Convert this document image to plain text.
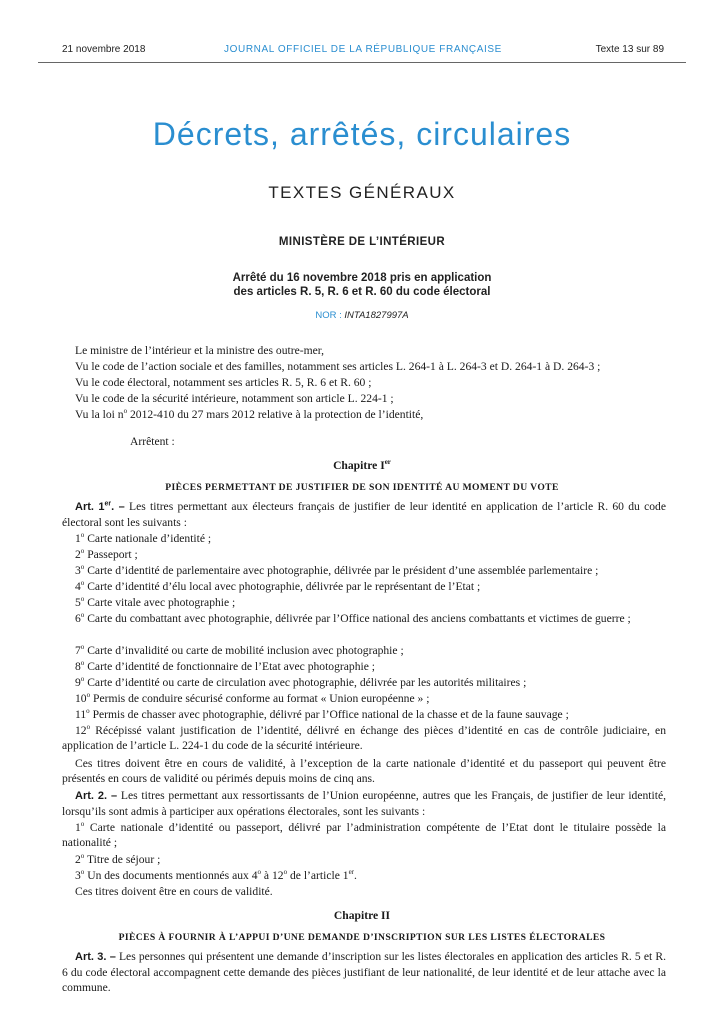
21 novembre 2018	JOURNAL OFFICIEL DE LA RÉPUBLIQUE FRANÇAISE	Texte 13 sur 89
Décrets, arrêtés, circulaires
TEXTES GÉNÉRAUX
MINISTÈRE DE L’INTÉRIEUR
Arrêté du 16 novembre 2018 pris en application
des articles R. 5, R. 6 et R. 60 du code électoral
NOR : INTA1827997A
Le ministre de l’intérieur et la ministre des outre-mer,
Vu le code de l’action sociale et des familles, notamment ses articles L. 264-1 à L. 264-3 et D. 264-1 à D. 264-3 ;
Vu le code électoral, notamment ses articles R. 5, R. 6 et R. 60 ;
Vu le code de la sécurité intérieure, notamment son article L. 224-1 ;
Vu la loi $n^o$ 2012-410 du 27 mars 2012 relative à la protection de l’identité,
Arrêtent :
Chapitre Ier
PIÈCES PERMETTANT DE JUSTIFIER DE SON IDENTITÉ AU MOMENT DU VOTE
Art. 1er. – Les titres permettant aux électeurs français de justifier de leur identité en application de l’article R. 60 du code électoral sont les suivants :
1$^o$ Carte nationale d’identité ;
2$^o$ Passeport ;
3$^o$ Carte d’identité de parlementaire avec photographie, délivrée par le président d’une assemblée parlementaire ;
4$^o$ Carte d’identité d’élu local avec photographie, délivrée par le représentant de l’Etat ;
5$^o$ Carte vitale avec photographie ;
6$^o$ Carte du combattant avec photographie, délivrée par l’Office national des anciens combattants et victimes de guerre ;
7$^o$ Carte d’invalidité ou carte de mobilité inclusion avec photographie ;
8$^o$ Carte d’identité de fonctionnaire de l’Etat avec photographie ;
9$^o$ Carte d’identité ou carte de circulation avec photographie, délivrée par les autorités militaires ;
10$^o$ Permis de conduire sécurisé conforme au format « Union européenne » ;
11$^o$ Permis de chasser avec photographie, délivré par l’Office national de la chasse et de la faune sauvage ;
12$^o$ Récépissé valant justification de l’identité, délivré en échange des pièces d’identité en cas de contrôle judiciaire, en application de l’article L. 224-1 du code de la sécurité intérieure.
Ces titres doivent être en cours de validité, à l’exception de la carte nationale d’identité et du passeport qui peuvent être présentés en cours de validité ou périmés depuis moins de cinq ans.
Art. 2. – Les titres permettant aux ressortissants de l’Union européenne, autres que les Français, de justifier de leur identité, lorsqu’ils sont admis à participer aux opérations électorales, sont les suivants :
1$^o$ Carte nationale d’identité ou passeport, délivré par l’administration compétente de l’Etat dont le titulaire possède la nationalité ;
2$^o$ Titre de séjour ;
3$^o$ Un des documents mentionnés aux 4$^o$ à 12$^o$ de l’article 1er.
Ces titres doivent être en cours de validité.
Chapitre II
PIÈCES À FOURNIR À L’APPUI D’UNE DEMANDE D’INSCRIPTION SUR LES LISTES ÉLECTORALES
Art. 3. – Les personnes qui présentent une demande d’inscription sur les listes électorales en application des articles R. 5 et R. 6 du code électoral accompagnent cette demande des pièces justifiant de leur nationalité, de leur identité et de leur attache avec la commune.
